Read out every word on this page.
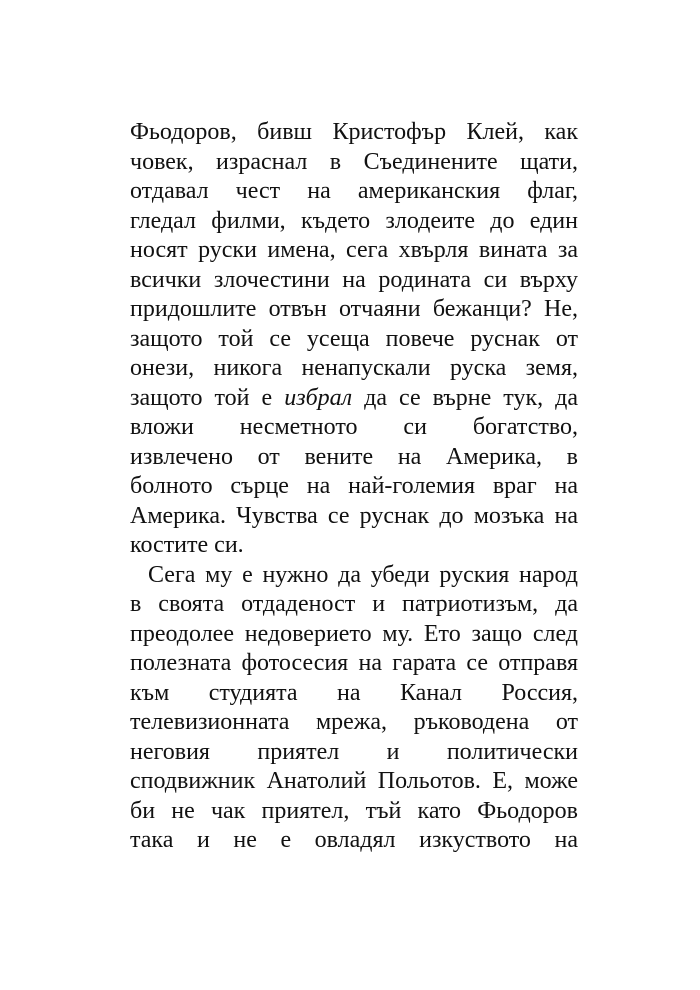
Фьодоров, бивш Кристофър Клей, как
човек, израснал в Съединените щати,
отдавал чест на американския флаг,
гледал филми, където злодеите до един
носят руски имена, сега хвърля вината за
всички злочестини на родината си върху
придошлите отвън отчаяни бежанци? Не,
защото той се усеща повече руснак от
онези, никога ненапускали руска земя,
защото той е избрал да се върне тук, да
вложи несметното си богатство,
извлечено от вените на Америка, в
болното сърце на най-големия враг на
Америка. Чувства се руснак до мозъка на
костите си.
Сега му е нужно да убеди руския народ
в своята отдаденост и патриотизъм, да
преодолее недоверието му. Ето защо след
полезната фотосесия на гарата се отправя
към студията на Канал Россия,
телевизионната мрежа, ръководена от
неговия приятел и политически
сподвижник Анатолий Польотов. Е, може
би не чак приятел, тъй като Фьодоров
така и не е овладял изкуството на
